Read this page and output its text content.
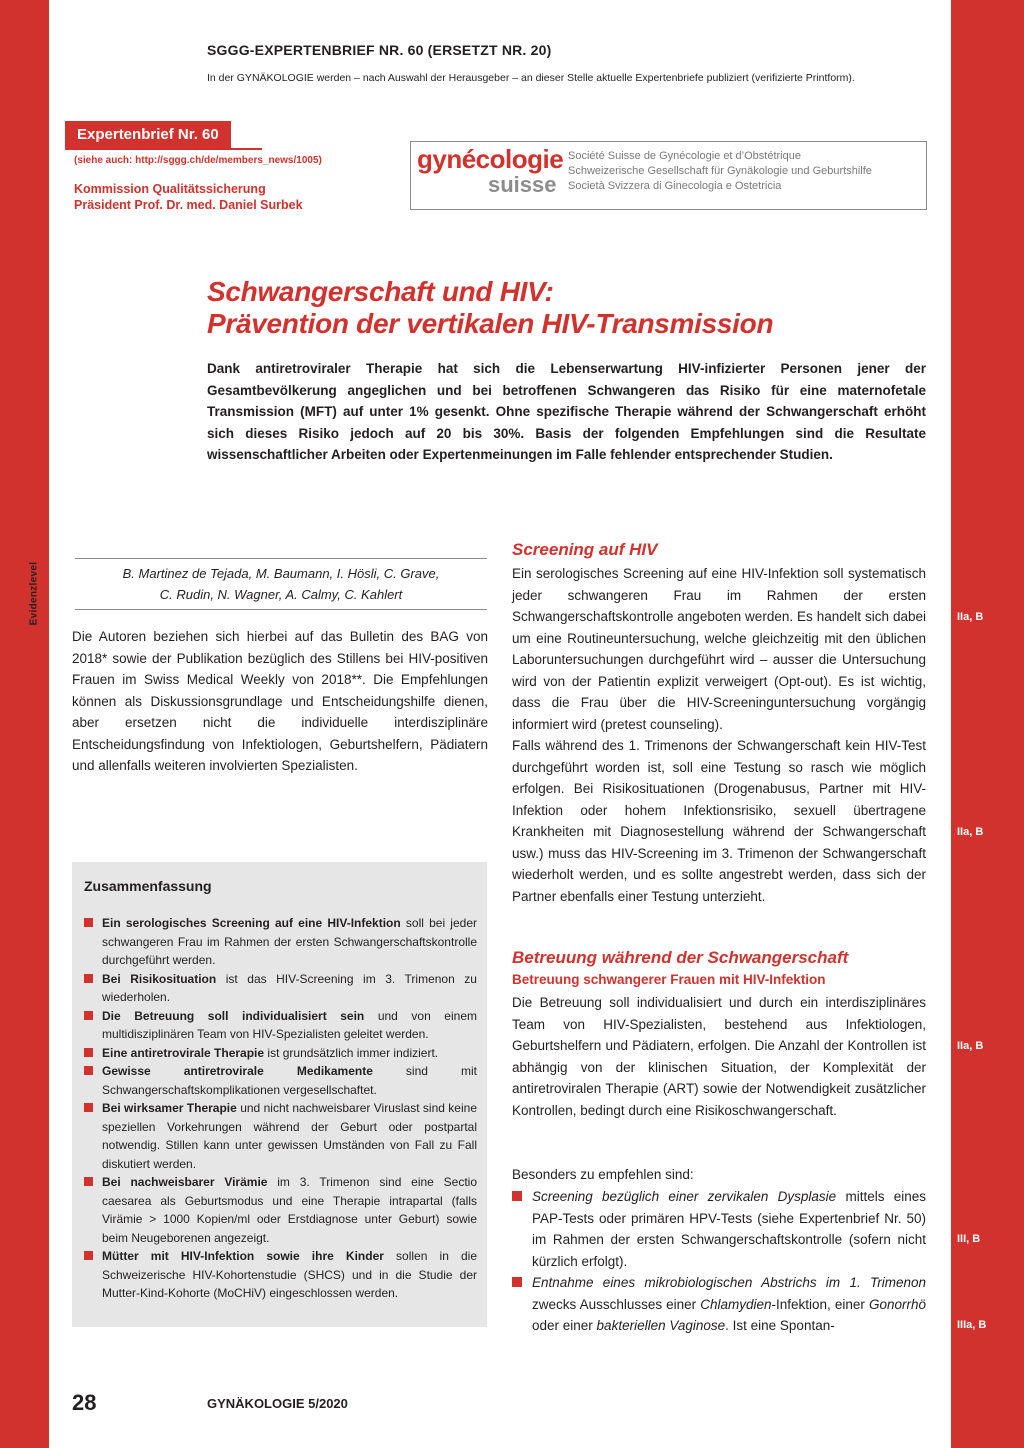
Evidenzlevel
SGGG-EXPERTENBRIEF NR. 60 (ERSETZT NR. 20)
In der GYNÄKOLOGIE werden – nach Auswahl der Herausgeber – an dieser Stelle aktuelle Expertenbriefe publiziert (verifizierte Printform).
Expertenbrief Nr. 60
(siehe auch: http://sggg.ch/de/members_news/1005)
Kommission Qualitätssicherung
Präsident Prof. Dr. med. Daniel Surbek
gynécologie
suisse
Société Suisse de Gynécologie et d’Obstétrique
Schweizerische Gesellschaft für Gynäkologie und Geburtshilfe
Società Svizzera di Ginecologia e Ostetricia
Schwangerschaft und HIV:
Prävention der vertikalen HIV-Transmission
Dank antiretroviraler Therapie hat sich die Lebenserwartung HIV-infizierter Personen jener der Gesamtbevölkerung angeglichen und bei betroffenen Schwangeren das Risiko für eine maternofetale Transmission (MFT) auf unter 1% gesenkt. Ohne spezifische Therapie während der Schwangerschaft erhöht sich dieses Risiko jedoch auf 20 bis 30%. Basis der folgenden Empfehlungen sind die Resultate wissenschaftlicher Arbeiten oder Expertenmeinungen im Falle fehlender entsprechender Studien.
B. Martinez de Tejada, M. Baumann, I. Hösli, C. Grave,
C. Rudin, N. Wagner, A. Calmy, C. Kahlert
Die Autoren beziehen sich hierbei auf das Bulletin des BAG von 2018* sowie der Publikation bezüglich des Stillens bei HIV-positiven Frauen im Swiss Medical Weekly von 2018**. Die Empfehlungen können als Diskussionsgrundlage und Entscheidungshilfe dienen, aber ersetzen nicht die individuelle interdisziplinäre Entscheidungsfindung von Infektiologen, Geburtshelfern, Pädiatern und allenfalls weiteren involvierten Spezialisten.
Zusammenfassung
Ein serologisches Screening auf eine HIV-Infektion soll bei jeder schwangeren Frau im Rahmen der ersten Schwangerschaftskontrolle durchgeführt werden.
Bei Risikosituation ist das HIV-Screening im 3. Trimenon zu wiederholen.
Die Betreuung soll individualisiert sein und von einem multidisziplinären Team von HIV-Spezialisten geleitet werden.
Eine antiretrovirale Therapie ist grundsätzlich immer indiziert.
Gewisse antiretrovirale Medikamente sind mit Schwangerschaftskomplikationen vergesellschaftet.
Bei wirksamer Therapie und nicht nachweisbarer Viruslast sind keine speziellen Vorkehrungen während der Geburt oder postpartal notwendig. Stillen kann unter gewissen Umständen von Fall zu Fall diskutiert werden.
Bei nachweisbarer Virämie im 3. Trimenon sind eine Sectio caesarea als Geburtsmodus und eine Therapie intrapartal (falls Virämie > 1000 Kopien/ml oder Erstdiagnose unter Geburt) sowie beim Neugeborenen angezeigt.
Mütter mit HIV-Infektion sowie ihre Kinder sollen in die Schweizerische HIV-Kohortenstudie (SHCS) und in die Studie der Mutter-Kind-Kohorte (MoCHiV) eingeschlossen werden.
Screening auf HIV
Ein serologisches Screening auf eine HIV-Infektion soll systematisch jeder schwangeren Frau im Rahmen der ersten Schwangerschaftskontrolle angeboten werden. Es handelt sich dabei um eine Routineuntersuchung, welche gleichzeitig mit den üblichen Laboruntersuchungen durchgeführt wird – ausser die Untersuchung wird von der Patientin explizit verweigert (Opt-out). Es ist wichtig, dass die Frau über die HIV-Screeninguntersuchung vorgängig informiert wird (pretest counseling).
Falls während des 1. Trimenons der Schwangerschaft kein HIV-Test durchgeführt worden ist, soll eine Testung so rasch wie möglich erfolgen. Bei Risikosituationen (Drogenabusus, Partner mit HIV-Infektion oder hohem Infektionsrisiko, sexuell übertragene Krankheiten mit Diagnosestellung während der Schwangerschaft usw.) muss das HIV-Screening im 3. Trimenon der Schwangerschaft wiederholt werden, und es sollte angestrebt werden, dass sich der Partner ebenfalls einer Testung unterzieht.
Betreuung während der Schwangerschaft
Betreuung schwangerer Frauen mit HIV-Infektion
Die Betreuung soll individualisiert und durch ein interdisziplinäres Team von HIV-Spezialisten, bestehend aus Infektiologen, Geburtshelfern und Pädiatern, erfolgen. Die Anzahl der Kontrollen ist abhängig von der klinischen Situation, der Komplexität der antiretroviralen Therapie (ART) sowie der Notwendigkeit zusätzlicher Kontrollen, bedingt durch eine Risikoschwangerschaft.
Besonders zu empfehlen sind:
Screening bezüglich einer zervikalen Dysplasie mittels eines PAP-Tests oder primären HPV-Tests (siehe Expertenbrief Nr. 50) im Rahmen der ersten Schwangerschaftskontrolle (sofern nicht kürzlich erfolgt).
Entnahme eines mikrobiologischen Abstrichs im 1. Trimenon zwecks Ausschlusses einer Chlamydien-Infektion, einer Gonorrhö oder einer bakteriellen Vaginose. Ist eine Spontan-
IIa, B
IIa, B
IIa, B
III, B
IIIa, B
28	GYNÄKOLOGIE 5/2020
